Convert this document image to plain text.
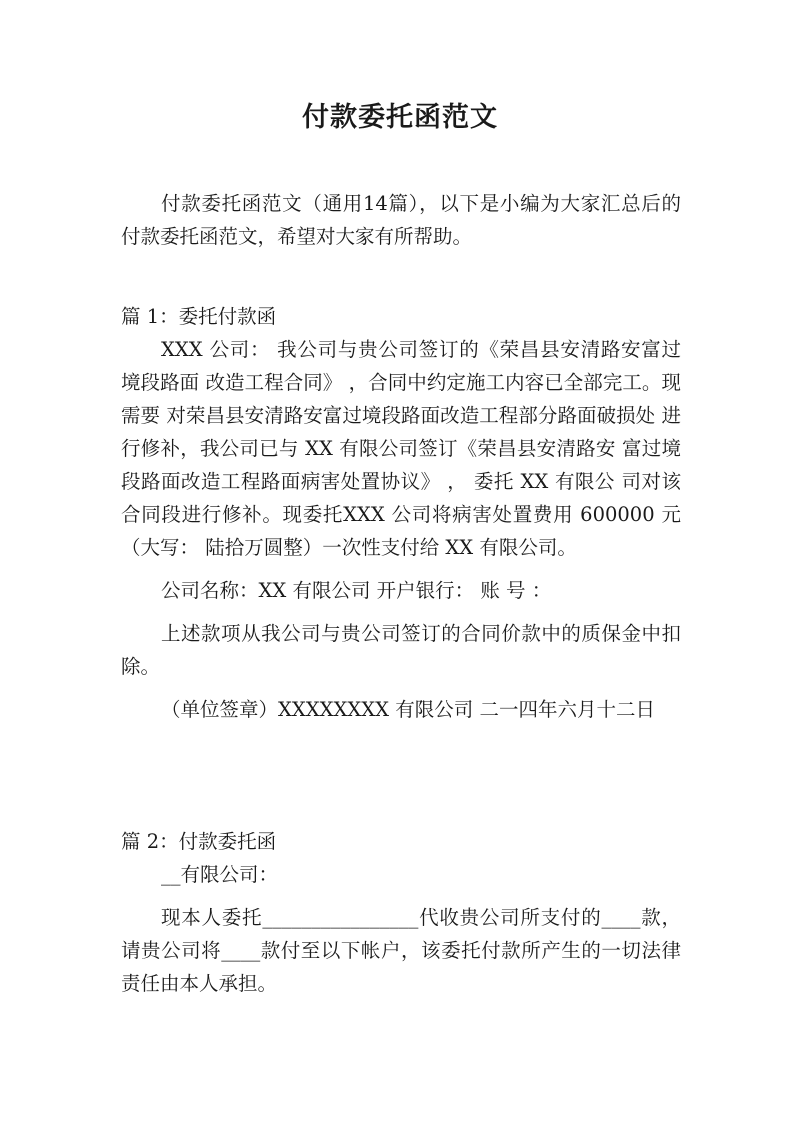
付款委托函范文

付款委托函范文（通用14篇），以下是小编为大家汇总后的付款委托函范文，希望对大家有所帮助。

篇 1：委托付款函

XXX 公司： 我公司与贵公司签订的《荣昌县安清路安富过境段路面 改造工程合同》 ，合同中约定施工内容已全部完工。现需要 对荣昌县安清路安富过境段路面改造工程部分路面破损处 进行修补，我公司已与 XX 有限公司签订《荣昌县安清路安 富过境段路面改造工程路面病害处置协议》 ， 委托 XX 有限公 司对该合同段进行修补。现委托XXX 公司将病害处置费用 600000 元（大写： 陆拾万圆整）一次性支付给 XX 有限公司。

公司名称：XX 有限公司 开户银行： 账 号 ：

上述款项从我公司与贵公司签订的合同价款中的质保金中扣除。

（单位签章）XXXXXXXX 有限公司 二一四年六月十二日

篇 2：付款委托函

__有限公司：

现本人委托________________代收贵公司所支付的____款，请贵公司将____款付至以下帐户，该委托付款所产生的一切法律责任由本人承担。
